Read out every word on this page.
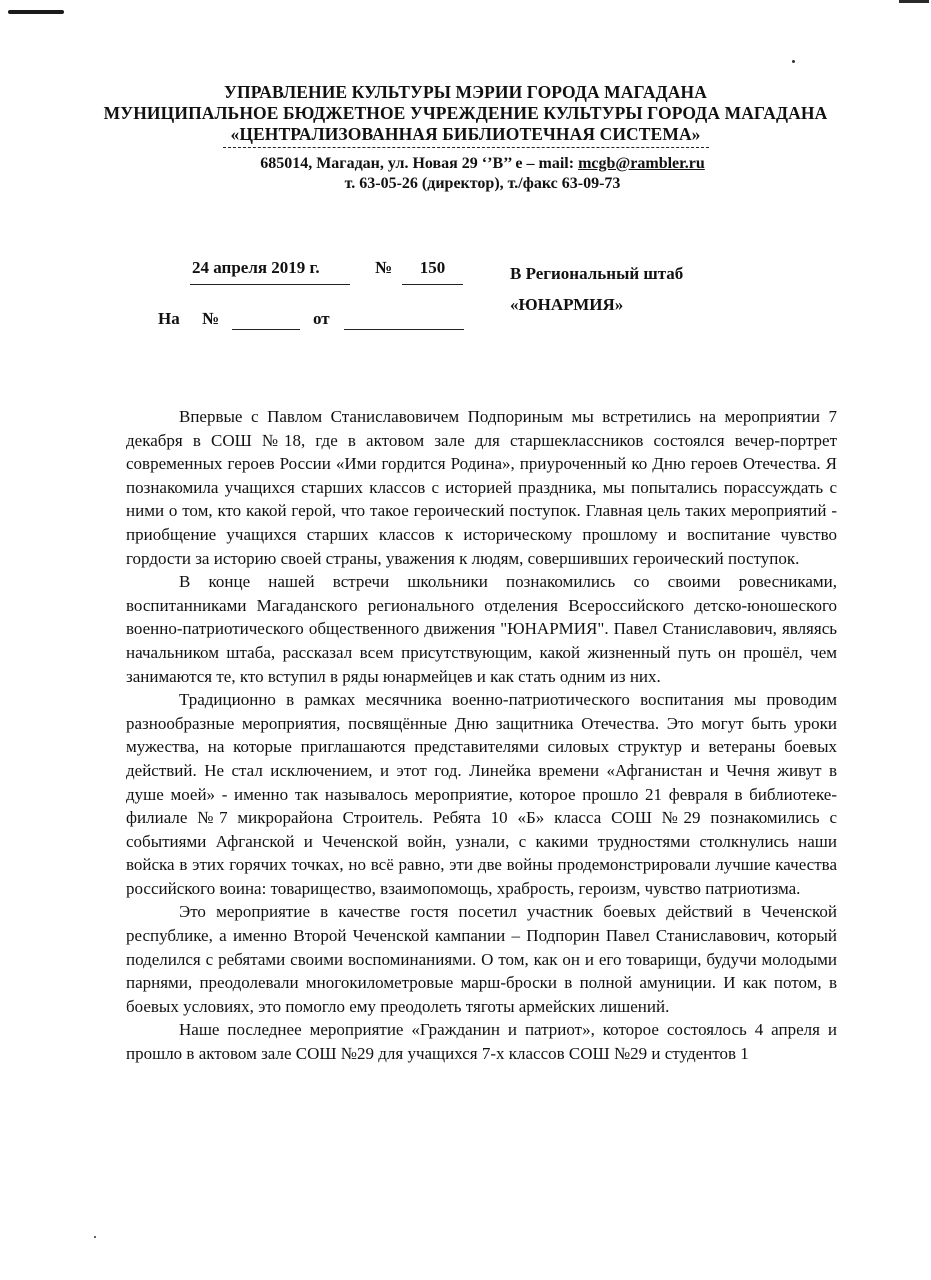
УПРАВЛЕНИЕ КУЛЬТУРЫ МЭРИИ ГОРОДА МАГАДАНА
МУНИЦИПАЛЬНОЕ БЮДЖЕТНОЕ УЧРЕЖДЕНИЕ КУЛЬТУРЫ ГОРОДА МАГАДАНА
«ЦЕНТРАЛИЗОВАННАЯ БИБЛИОТЕЧНАЯ СИСТЕМА»
685014, Магадан, ул. Новая 29 ‘’В’’ е – mail: mcgb@rambler.ru
т. 63-05-26 (директор), т./факс 63-09-73
24 апреля 2019 г.	№	150
На №	от
В Региональный штаб
«ЮНАРМИЯ»

Впервые с Павлом Станиславовичем Подпориным мы встретились на мероприятии 7 декабря в СОШ №18, где в актовом зале для старшеклассников состоялся вечер-портрет современных героев России «Ими гордится Родина», приуроченный ко Дню героев Отечества. Я познакомила учащихся старших классов с историей праздника, мы попытались порассуждать с ними о том, кто какой герой, что такое героический поступок. Главная цель таких мероприятий - приобщение учащихся старших классов к историческому прошлому и воспитание чувство гордости за историю своей страны, уважения к людям, совершивших героический поступок.

В конце нашей встречи школьники познакомились со своими ровесниками, воспитанниками Магаданского регионального отделения Всероссийского детско-юношеского военно-патриотического общественного движения "ЮНАРМИЯ". Павел Станиславович, являясь начальником штаба, рассказал всем присутствующим, какой жизненный путь он прошёл, чем занимаются те, кто вступил в ряды юнармейцев и как стать одним из них.

Традиционно в рамках месячника военно-патриотического воспитания мы проводим разнообразные мероприятия, посвящённые Дню защитника Отечества. Это могут быть уроки мужества, на которые приглашаются представителями силовых структур и ветераны боевых действий. Не стал исключением, и этот год. Линейка времени «Афганистан и Чечня живут в душе моей» - именно так называлось мероприятие, которое прошло 21 февраля в библиотеке-филиале №7 микрорайона Строитель. Ребята 10 «Б» класса СОШ №29 познакомились с событиями Афганской и Чеченской войн, узнали, с какими трудностями столкнулись наши войска в этих горячих точках, но всё равно, эти две войны продемонстрировали лучшие качества российского воина: товарищество, взаимопомощь, храбрость, героизм, чувство патриотизма.

Это мероприятие в качестве гостя посетил участник боевых действий в Чеченской республике, а именно Второй Чеченской кампании – Подпорин Павел Станиславович, который поделился с ребятами своими воспоминаниями. О том, как он и его товарищи, будучи молодыми парнями, преодолевали многокилометровые марш-броски в полной амуниции. И как потом, в боевых условиях, это помогло ему преодолеть тяготы армейских лишений.

Наше последнее мероприятие «Гражданин и патриот», которое состоялось 4 апреля и прошло в актовом зале СОШ №29 для учащихся 7-х классов СОШ №29 и студентов 1
